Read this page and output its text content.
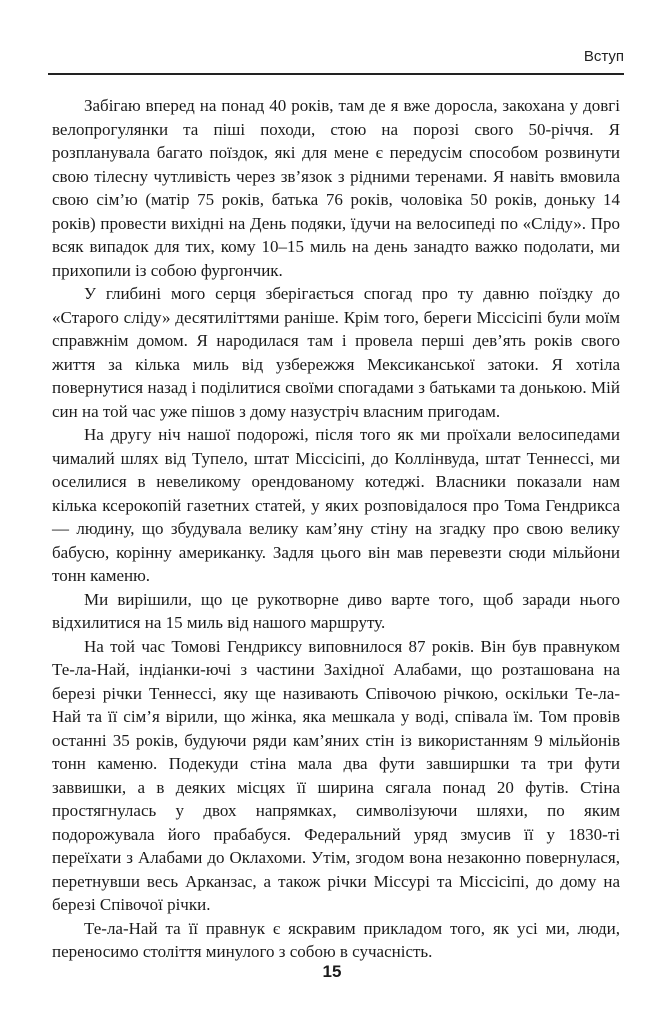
Вступ

Забігаю вперед на понад 40 років, там де я вже доросла, закохана у довгі велопрогулянки та піші походи, стою на порозі свого 50-річчя. Я розпланувала багато поїздок, які для мене є передусім способом розвинути свою тілесну чутливість через зв’язок з рідними теренами. Я навіть вмовила свою сім’ю (матір 75 років, батька 76 років, чоловіка 50 років, доньку 14 років) провести вихідні на День подяки, їдучи на велосипеді по «Сліду». Про всяк випадок для тих, кому 10–15 миль на день занадто важко подолати, ми прихопили із собою фургончик.

У глибині мого серця зберігається спогад про ту давню поїздку до «Старого сліду» десятиліттями раніше. Крім того, береги Міссісіпі були моїм справжнім домом. Я народилася там і провела перші дев’ять років свого життя за кілька миль від узбережжя Мексиканської затоки. Я хотіла повернутися назад і поділитися своїми спогадами з батьками та донькою. Мій син на той час уже пішов з дому назустріч власним пригодам.

На другу ніч нашої подорожі, після того як ми проїхали велосипедами чималий шлях від Тупело, штат Міссісіпі, до Коллінвуда, штат Теннессі, ми оселилися в невеликому орендованому котеджі. Власники показали нам кілька ксерокопій газетних статей, у яких розповідалося про Тома Гендрикса — людину, що збудувала велику кам’яну стіну на згадку про свою велику бабусю, корінну американку. Задля цього він мав перевезти сюди мільйони тонн каменю.

Ми вирішили, що це рукотворне диво варте того, щоб заради нього відхилитися на 15 миль від нашого маршруту.

На той час Томові Гендриксу виповнилося 87 років. Він був правнуком Те-ла-Най, індіанки-ючі з частини Західної Алабами, що розташована на березі річки Теннессі, яку ще називають Співочою річкою, оскільки Те-ла-Най та її сім’я вірили, що жінка, яка мешкала у воді, співала їм. Том провів останні 35 років, будуючи ряди кам’яних стін із використанням 9 мільйонів тонн каменю. Подекуди стіна мала два фути завширшки та три фути заввишки, а в деяких місцях її ширина сягала понад 20 футів. Стіна простягнулась у двох напрямках, символізуючи шляхи, по яким подорожувала його прабабуся. Федеральний уряд змусив її у 1830-ті переїхати з Алабами до Оклахоми. Утім, згодом вона незаконно повернулася, перетнувши весь Арканзас, а також річки Міссурі та Міссісіпі, до дому на березі Співочої річки.

Те-ла-Най та її правнук є яскравим прикладом того, як усі ми, люди, переносимо століття минулого з собою в сучасність.

15
